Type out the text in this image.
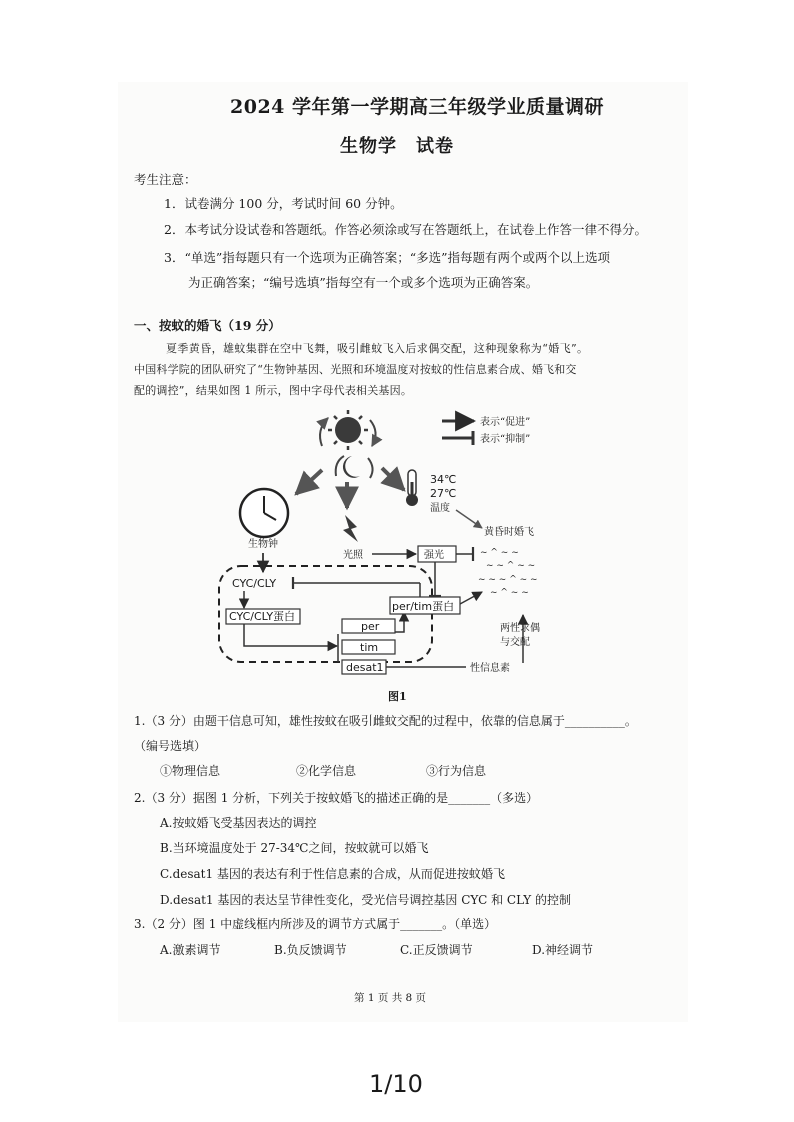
2024 学年第一学期高三年级学业质量调研
生物学　试卷
考生注意：
1．试卷满分 100 分，考试时间 60 分钟。
2．本考试分设试卷和答题纸。作答必须涂或写在答题纸上，在试卷上作答一律不得分。
3．“单选”指每题只有一个选项为正确答案；“多选”指每题有两个或两个以上选项
为正确答案；“编号选填”指每空有一个或多个选项为正确答案。
一、按蚊的婚飞（19 分）
夏季黄昏，雄蚊集群在空中飞舞，吸引雌蚊飞入后求偶交配，这种现象称为“婚飞”。
中国科学院的团队研究了“生物钟基因、光照和环境温度对按蚊的性信息素合成、婚飞和交
配的调控”，结果如图 1 所示，图中字母代表相关基因。
表示“促进”
表示“抑制”
生物钟
34℃
27℃
温度
黄昏时婚飞
~ ^ ~ ~
~ ~ ^ ~ ~
~ ~ ~ ^ ~ ~
~ ^ ~ ~
CYC/CLY
CYC/CLY蛋白
per
tim
desat1
per/tim蛋白
光照	强光
性信息素
两性求偶
与交配
图1
1.（3 分）由题干信息可知，雄性按蚊在吸引雌蚊交配的过程中，依靠的信息属于__________。
（编号选填）
①物理信息	②化学信息	③行为信息
2.（3 分）据图 1 分析，下列关于按蚊婚飞的描述正确的是_______（多选）
A.按蚊婚飞受基因表达的调控
B.当环境温度处于 27-34℃之间，按蚊就可以婚飞
C.desat1 基因的表达有利于性信息素的合成，从而促进按蚊婚飞
D.desat1 基因的表达呈节律性变化，受光信号调控基因 CYC 和 CLY 的控制
3.（2 分）图 1 中虚线框内所涉及的调节方式属于_______。（单选）
A.激素调节	B.负反馈调节	C.正反馈调节	D.神经调节
第 1 页 共 8 页
1/10
